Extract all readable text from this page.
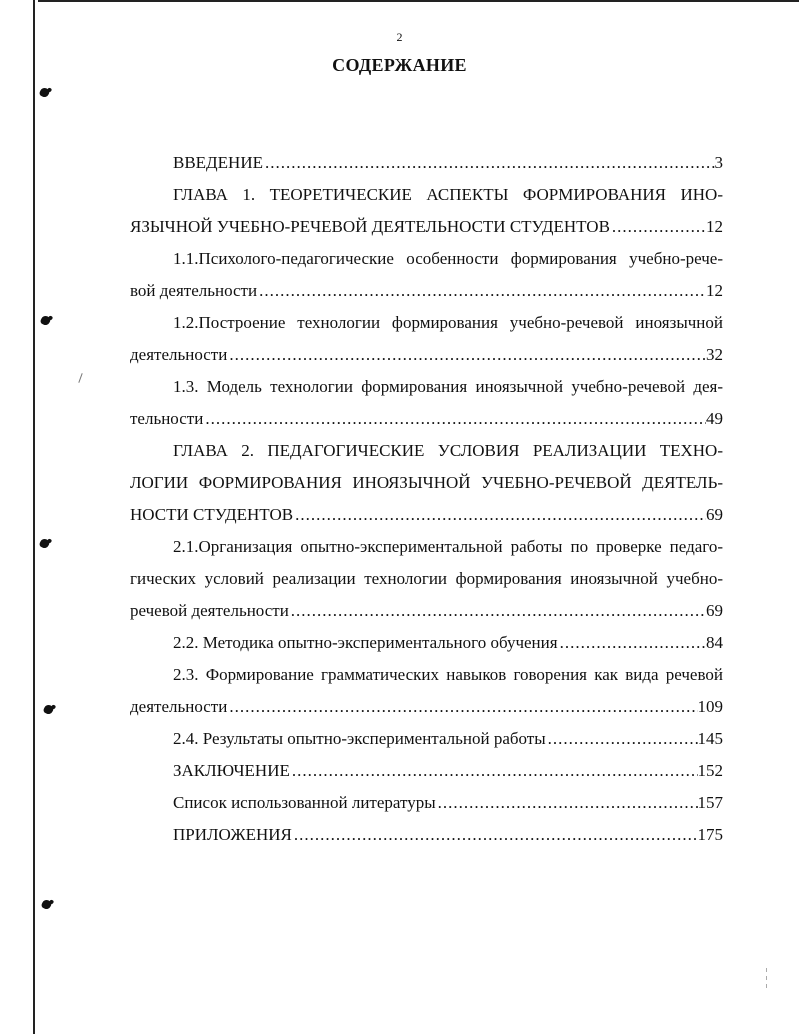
2
СОДЕРЖАНИЕ
ВВЕДЕНИЕ .....	3
ГЛАВА 1. ТЕОРЕТИЧЕСКИЕ АСПЕКТЫ ФОРМИРОВАНИЯ ИНО-
ЯЗЫЧНОЙ УЧЕБНО-РЕЧЕВОЙ ДЕЯТЕЛЬНОСТИ СТУДЕНТОВ .....	12
1.1.Психолого-педагогические особенности формирования учебно-рече-
вой деятельности .....	12
1.2.Построение технологии формирования учебно-речевой иноязычной
деятельности .....	32
1.3. Модель технологии формирования иноязычной учебно-речевой дея-
тельности .....	49
ГЛАВА 2. ПЕДАГОГИЧЕСКИЕ УСЛОВИЯ РЕАЛИЗАЦИИ ТЕХНО-
ЛОГИИ ФОРМИРОВАНИЯ ИНОЯЗЫЧНОЙ УЧЕБНО-РЕЧЕВОЙ ДЕЯТЕЛЬ-
НОСТИ СТУДЕНТОВ .....	69
2.1.Организация опытно-экспериментальной работы по проверке педаго-
гических условий реализации технологии формирования иноязычной учебно-
речевой деятельности .....	69
2.2. Методика опытно-экспериментального обучения .....	84
2.3. Формирование грамматических навыков говорения как вида речевой
деятельности .....	109
2.4. Результаты опытно-экспериментальной работы .....	145
ЗАКЛЮЧЕНИЕ .....	152
Список использованной литературы .....	157
ПРИЛОЖЕНИЯ .....	175
